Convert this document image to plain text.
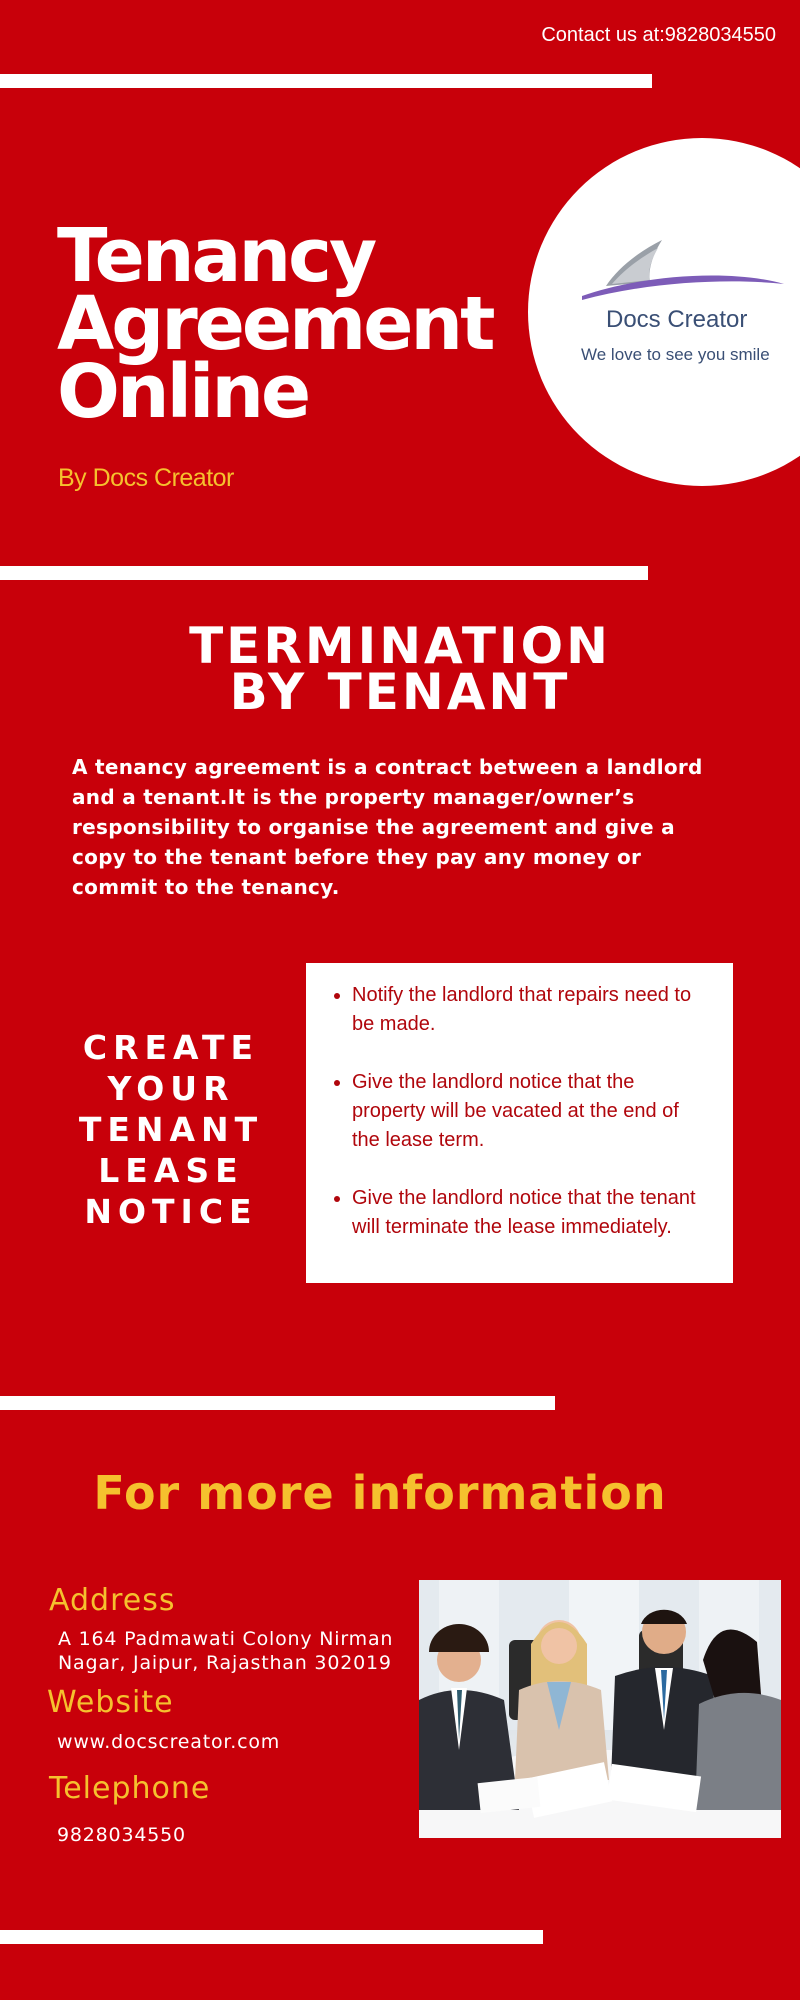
Contact us at:9828034550
Tenancy
Agreement
Online
By Docs Creator
Docs Creator
We love to see you smile
TERMINATION
BY TENANT

A tenancy agreement is a contract between a landlord and a tenant.It is the property manager/owner’s responsibility to organise the agreement and give a copy to the tenant before they pay any money or commit to the tenancy.

CREATE
YOUR
TENANT
LEASE
NOTICE
Notify the landlord that repairs need to be made.
Give the landlord notice that the property will be vacated at the end of the lease term.
Give the landlord notice that the tenant will terminate the lease immediately.
For more information
Address
A 164 Padmawati Colony Nirman
Nagar, Jaipur, Rajasthan 302019
Website
www.docscreator.com
Telephone
9828034550
